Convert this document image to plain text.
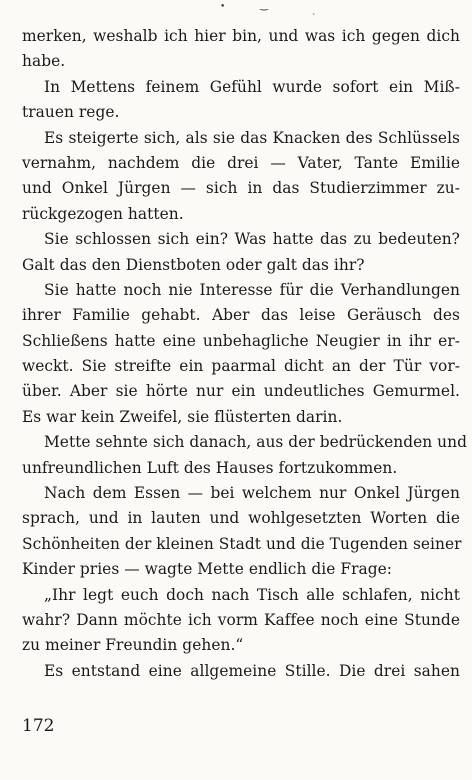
•	‿
˴
merken, weshalb ich hier bin, und was ich gegen dich
habe.
In Mettens feinem Gefühl wurde sofort ein Miß-
trauen rege.
Es steigerte sich, als sie das Knacken des Schlüssels
vernahm, nachdem die drei — Vater, Tante Emilie
und Onkel Jürgen — sich in das Studierzimmer zu-
rückgezogen hatten.
Sie schlossen sich ein? Was hatte das zu bedeuten?
Galt das den Dienstboten oder galt das ihr?
Sie hatte noch nie Interesse für die Verhandlungen
ihrer Familie gehabt. Aber das leise Geräusch des
Schließens hatte eine unbehagliche Neugier in ihr er-
weckt. Sie streifte ein paarmal dicht an der Tür vor-
über. Aber sie hörte nur ein undeutliches Gemurmel.
Es war kein Zweifel, sie flüsterten darin.
Mette sehnte sich danach, aus der bedrückenden und
unfreundlichen Luft des Hauses fortzukommen.
Nach dem Essen — bei welchem nur Onkel Jürgen
sprach, und in lauten und wohlgesetzten Worten die
Schönheiten der kleinen Stadt und die Tugenden seiner
Kinder pries — wagte Mette endlich die Frage:
„Ihr legt euch doch nach Tisch alle schlafen, nicht
wahr? Dann möchte ich vorm Kaffee noch eine Stunde
zu meiner Freundin gehen.“
Es entstand eine allgemeine Stille. Die drei sahen
172
